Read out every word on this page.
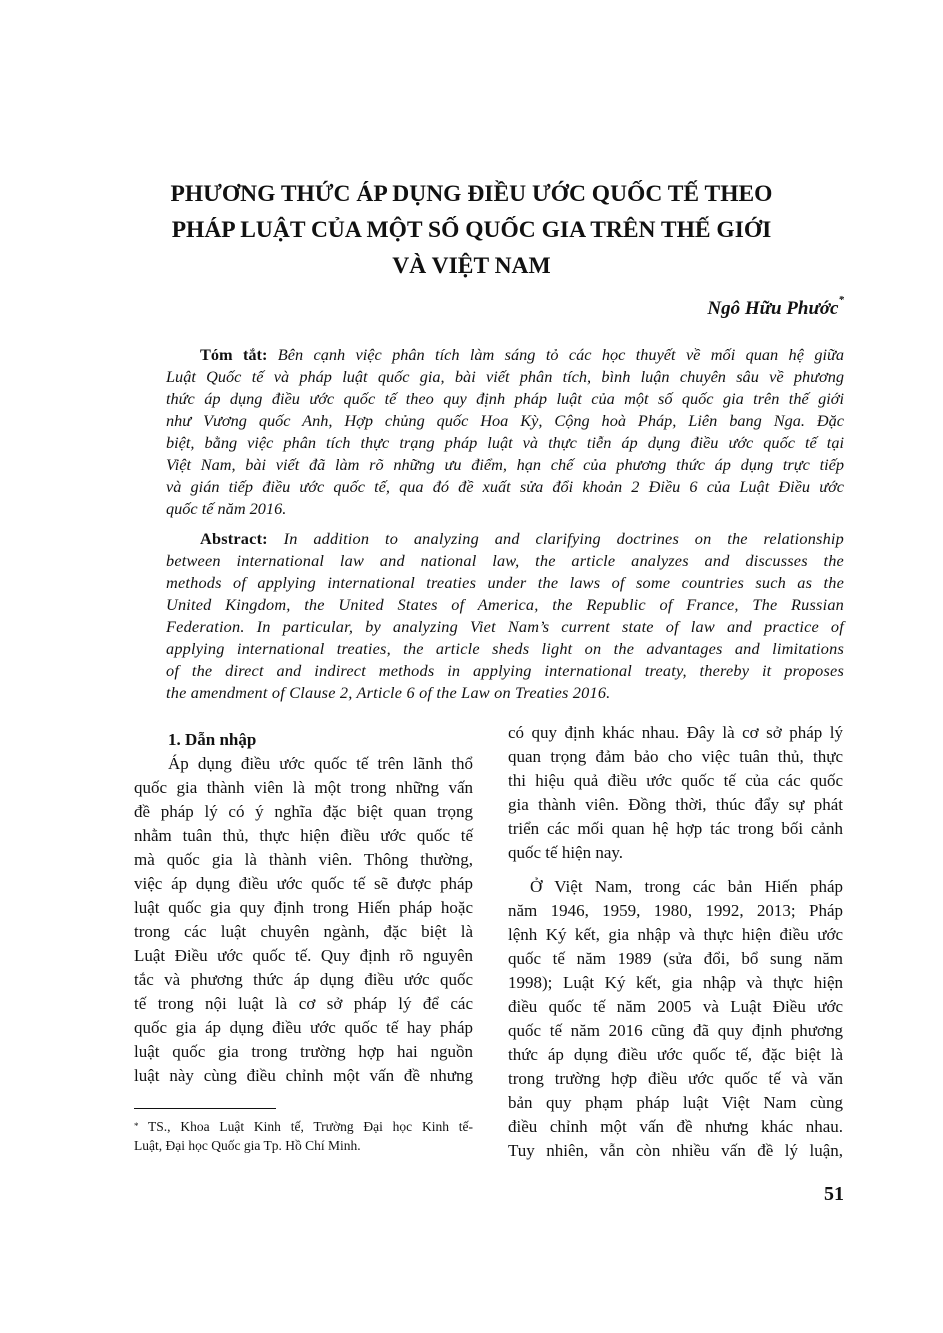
PHƯƠNG THỨC ÁP DỤNG ĐIỀU ƯỚC QUỐC TẾ THEO
PHÁP LUẬT CỦA MỘT SỐ QUỐC GIA TRÊN THẾ GIỚI
VÀ VIỆT NAM
Ngô Hữu Phước*
Tóm tắt: Bên cạnh việc phân tích làm sáng tỏ các học thuyết về mối quan hệ giữa
Luật Quốc tế và pháp luật quốc gia, bài viết phân tích, bình luận chuyên sâu về phương
thức áp dụng điều ước quốc tế theo quy định pháp luật của một số quốc gia trên thế giới
như Vương quốc Anh, Hợp chủng quốc Hoa Kỳ, Cộng hoà Pháp, Liên bang Nga. Đặc
biệt, bằng việc phân tích thực trạng pháp luật và thực tiễn áp dụng điều ước quốc tế tại
Việt Nam, bài viết đã làm rõ những ưu điểm, hạn chế của phương thức áp dụng trực tiếp
và gián tiếp điều ước quốc tế, qua đó đề xuất sửa đổi khoản 2 Điều 6 của Luật Điều ước
quốc tế năm 2016.
Abstract: In addition to analyzing and clarifying doctrines on the relationship
between international law and national law, the article analyzes and discusses the
methods of applying international treaties under the laws of some countries such as the
United Kingdom, the United States of America, the Republic of France, The Russian
Federation. In particular, by analyzing Viet Nam’s current state of law and practice of
applying international treaties, the article sheds light on the advantages and limitations
of the direct and indirect methods in applying international treaty, thereby it proposes
the amendment of Clause 2, Article 6 of the Law on Treaties 2016.
1. Dẫn nhập
Áp dụng điều ước quốc tế trên lãnh thổ
quốc gia thành viên là một trong những vấn
đề pháp lý có ý nghĩa đặc biệt quan trọng
nhằm tuân thủ, thực hiện điều ước quốc tế
mà quốc gia là thành viên. Thông thường,
việc áp dụng điều ước quốc tế sẽ được pháp
luật quốc gia quy định trong Hiến pháp hoặc
trong các luật chuyên ngành, đặc biệt là
Luật Điều ước quốc tế. Quy định rõ nguyên
tắc và phương thức áp dụng điều ước quốc
tế trong nội luật là cơ sở pháp lý để các
quốc gia áp dụng điều ước quốc tế hay pháp
luật quốc gia trong trường hợp hai nguồn
luật này cùng điều chỉnh một vấn đề nhưng
có quy định khác nhau. Đây là cơ sở pháp lý
quan trọng đảm bảo cho việc tuân thủ, thực
thi hiệu quả điều ước quốc tế của các quốc
gia thành viên. Đồng thời, thúc đẩy sự phát
triển các mối quan hệ hợp tác trong bối cảnh
quốc tế hiện nay.
Ở Việt Nam, trong các bản Hiến pháp
năm 1946, 1959, 1980, 1992, 2013; Pháp
lệnh Ký kết, gia nhập và thực hiện điều ước
quốc tế năm 1989 (sửa đổi, bổ sung năm
1998); Luật Ký kết, gia nhập và thực hiện
điều quốc tế năm 2005 và Luật Điều ước
quốc tế năm 2016 cũng đã quy định phương
thức áp dụng điều ước quốc tế, đặc biệt là
trong trường hợp điều ước quốc tế và văn
bản quy phạm pháp luật Việt Nam cùng
điều chỉnh một vấn đề nhưng khác nhau.
Tuy nhiên, vẫn còn nhiều vấn đề lý luận,
* TS., Khoa Luật Kinh tế, Trường Đại học Kinh tế-
Luật, Đại học Quốc gia Tp. Hồ Chí Minh.
51
